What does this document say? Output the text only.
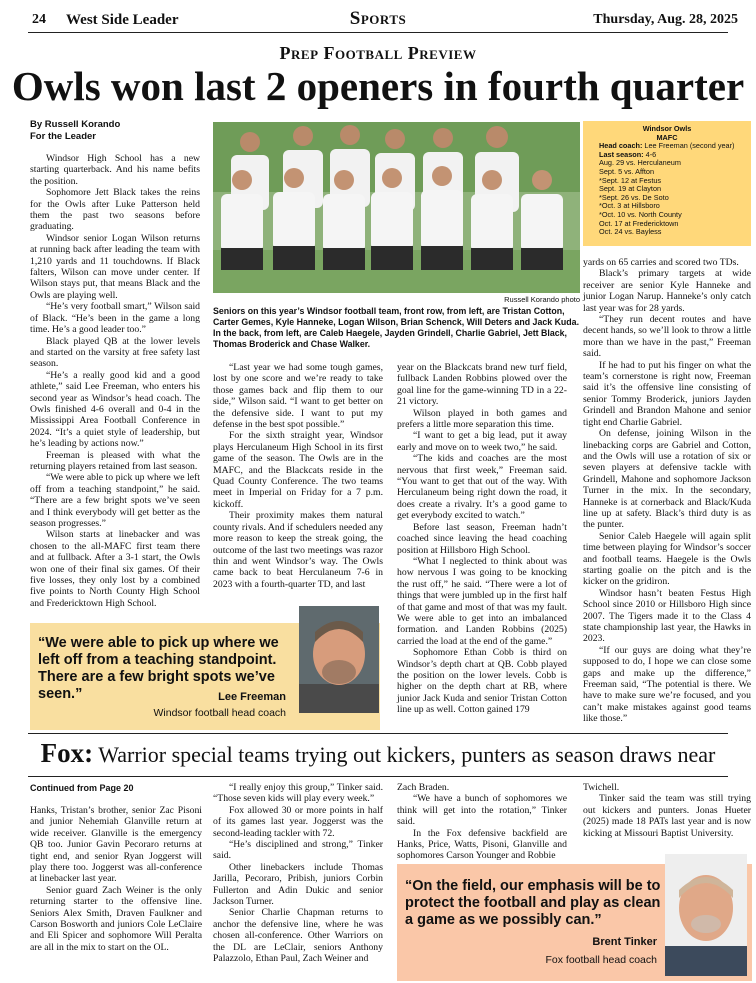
24 West Side Leader	Sports	Thursday, Aug. 28, 2025
Prep Football Preview
Owls won last 2 openers in fourth quarter
By Russell Korando
For the Leader

Windsor High School has a new starting quarterback. And his name befits the position.

Sophomore Jett Black takes the reins for the Owls after Luke Patterson held them the past two seasons before graduating.

Windsor senior Logan Wilson returns at running back after leading the team with 1,210 yards and 11 touchdowns. If Black falters, Wilson can move under center. If Wilson stays put, that means Black and the Owls are playing well.

“He’s very football smart,” Wilson said of Black. “He’s been in the game a long time. He’s a good leader too.”

Black played QB at the lower levels and started on the varsity at free safety last season.

“He’s a really good kid and a good athlete,” said Lee Freeman, who enters his second year as Windsor’s head coach. The Owls finished 4-6 overall and 0-4 in the Mississippi Area Football Conference in 2024. “It’s a quiet style of leadership, but he’s leading by actions now.”

Freeman is pleased with what the returning players retained from last season.

“We were able to pick up where we left off from a teaching standpoint,” he said. “There are a few bright spots we’ve seen and I think everybody will get better as the season progresses.”

Wilson starts at linebacker and was chosen to the all-MAFC first team there and at fullback. After a 3-1 start, the Owls won one of their final six games. Of their five losses, they only lost by a combined five points to North County High School and Fredericktown High School.

Russell Korando photo
Seniors on this year’s Windsor football team, front row, from left, are Tristan Cotton, Carter Gemes, Kyle Hanneke, Logan Wilson, Brian Schenck, Will Deters and Jack Kuda. In the back, from left, are Caleb Haegele, Jayden Grindell, Charlie Gabriel, Jett Black, Thomas Broderick and Chase Walker.
Windsor Owls
MAFC
Head coach: Lee Freeman (second year)
Last season: 4-6
Aug. 29 vs. Herculaneum
Sept. 5 vs. Affton
*Sept. 12 at Festus
Sept. 19 at Clayton
*Sept. 26 vs. De Soto
*Oct. 3 at Hillsboro
*Oct. 10 vs. North County
Oct. 17 at Fredericktown
Oct. 24 vs. Bayless

“Last year we had some tough games, lost by one score and we’re ready to take those games back and flip them to our side,” Wilson said. “I want to get better on the defensive side. I want to put my defense in the best spot possible.”

For the sixth straight year, Windsor plays Herculaneum High School in its first game of the season. The Owls are in the MAFC, and the Blackcats reside in the Quad County Conference. The two teams meet in Imperial on Friday for a 7 p.m. kickoff.

Their proximity makes them natural county rivals. And if schedulers needed any more reason to keep the streak going, the outcome of the last two meetings was razor thin and went Windsor’s way. The Owls came back to beat Herculaneum 7-6 in 2023 with a fourth-quarter TD, and last

year on the Blackcats brand new turf field, fullback Landen Robbins plowed over the goal line for the game-winning TD in a 22-21 victory.

Wilson played in both games and prefers a little more separation this time.

“I want to get a big lead, put it away early and move on to week two,” he said.

“The kids and coaches are the most nervous that first week,” Freeman said. “You want to get that out of the way. With Herculaneum being right down the road, it does create a rivalry. It’s a good game to get everybody excited to watch.”

Before last season, Freeman hadn’t coached since leaving the head coaching position at Hillsboro High School.

“What I neglected to think about was how nervous I was going to be knocking the rust off,” he said. “There were a lot of things that were jumbled up in the first half of that game and most of that was my fault. We were able to get into an imbalanced formation. and Landen Robbins (2025) carried the load at the end of the game.”

Sophomore Ethan Cobb is third on Windsor’s depth chart at QB. Cobb played the position on the lower levels. Cobb is higher on the depth chart at RB, where junior Jack Kuda and senior Tristan Cotton line up as well. Cotton gained 179

yards on 65 carries and scored two TDs.

Black’s primary targets at wide receiver are senior Kyle Hanneke and junior Logan Narup. Hanneke’s only catch last year was for 28 yards.

“They run decent routes and have decent hands, so we’ll look to throw a little more than we have in the past,” Freeman said.

If he had to put his finger on what the team’s cornerstone is right now, Freeman said it’s the offensive line consisting of senior Tommy Broderick, juniors Jayden Grindell and Brandon Mahone and senior tight end Charlie Gabriel.

On defense, joining Wilson in the linebacking corps are Gabriel and Cotton, and the Owls will use a rotation of six or seven players at defensive tackle with Grindell, Mahone and sophomore Jackson Turner in the mix. In the secondary, Hanneke is at cornerback and Black/Kuda line up at safety. Black’s third duty is as the punter.

Senior Caleb Haegele will again split time between playing for Windsor’s soccer and football teams. Haegele is the Owls starting goalie on the pitch and is the kicker on the gridiron.

Windsor hasn’t beaten Festus High School since 2010 or Hillsboro High since 2007. The Tigers made it to the Class 4 state championship last year, the Hawks in 2023.

“If our guys are doing what they’re supposed to do, I hope we can close some gaps and make up the difference,” Freeman said, “The potential is there. We have to make sure we’re focused, and you can’t make mistakes against good teams like those.”

“We were able to pick up where we left off from a teaching standpoint. There are a few bright spots we’ve seen.”	Lee Freeman
Windsor football head coach
Fox: Warrior special teams trying out kickers, punters as season draws near
Continued from Page 20

Hanks, Tristan’s brother, senior Zac Pisoni and junior Nehemiah Glanville return at wide receiver. Glanville is the emergency QB too. Junior Gavin Pecoraro returns at tight end, and senior Ryan Joggerst will play there too. Joggerst was all-conference at linebacker last year.

Senior guard Zach Weiner is the only returning starter to the offensive line. Seniors Alex Smith, Draven Faulkner and Carson Bosworth and juniors Cole LeClaire and Eli Spicer and sophomore Will Peralta are all in the mix to start on the OL.

“I really enjoy this group,” Tinker said. “Those seven kids will play every week.”

Fox allowed 30 or more points in half of its games last year. Joggerst was the second-leading tackler with 72.

“He’s disciplined and strong,” Tinker said.

Other linebackers include Thomas Jarilla, Pecoraro, Pribish, juniors Corbin Fullerton and Adin Dukic and senior Jackson Turner.

Senior Charlie Chapman returns to anchor the defensive line, where he was chosen all-conference. Other Warriors on the DL are LeClair, seniors Anthony Palazzolo, Ethan Paul, Zach Weiner and

Zach Braden.

“We have a bunch of sophomores we think will get into the rotation,” Tinker said.

In the Fox defensive backfield are Hanks, Price, Watts, Pisoni, Glanville and sophomores Carson Younger and Robbie

Twichell.

Tinker said the team was still trying out kickers and punters. Jonas Hueter (2025) made 18 PATs last year and is now kicking at Missouri Baptist University.

“On the field, our emphasis will be to protect the football and play as clean a game as we possibly can.”
Brent Tinker
Fox football head coach
